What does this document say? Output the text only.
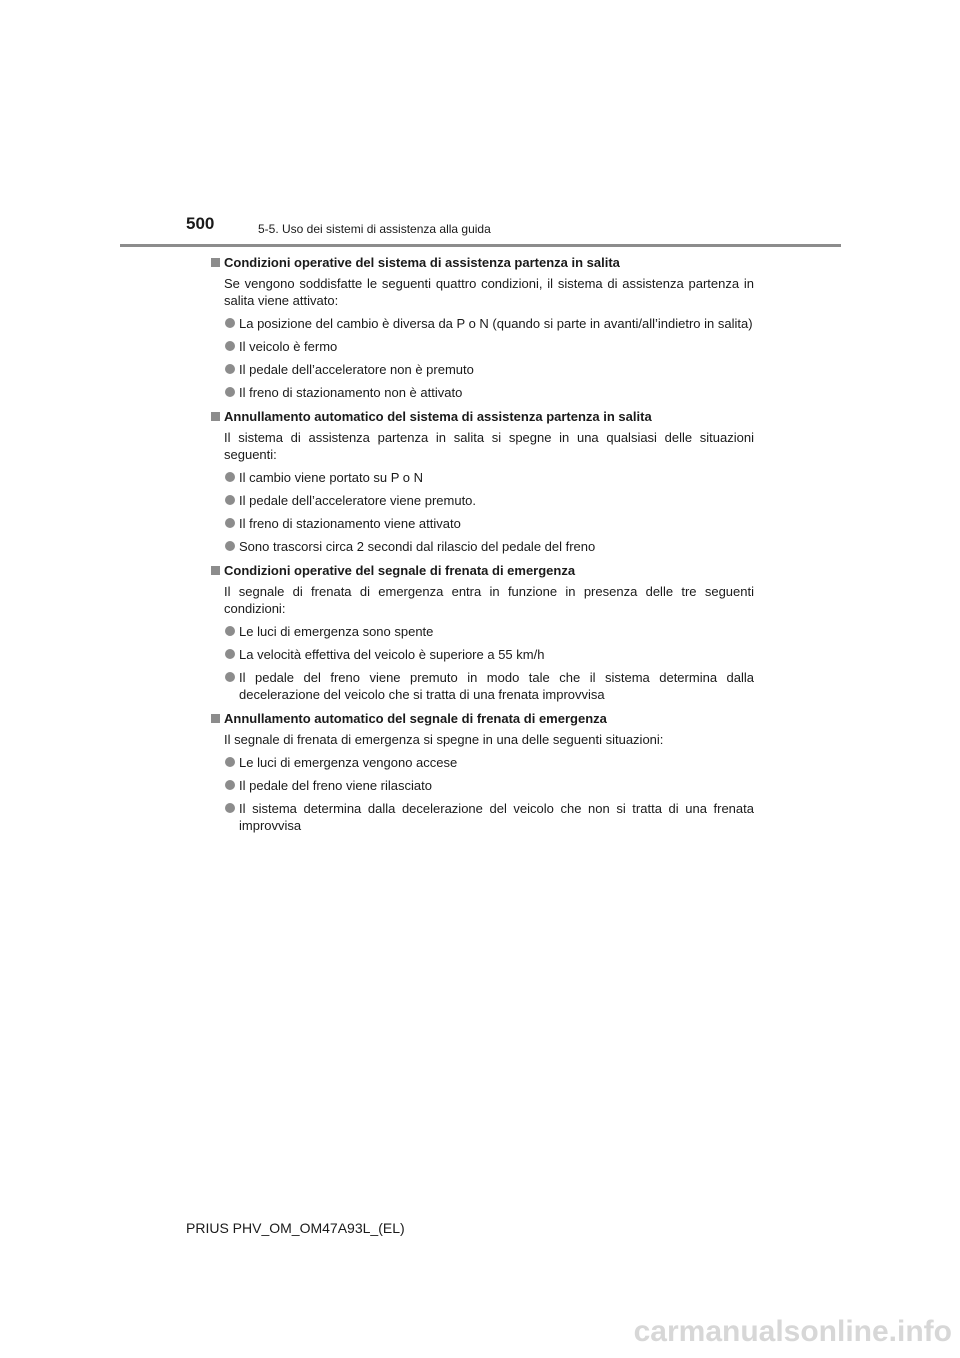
500	5-5. Uso dei sistemi di assistenza alla guida
Condizioni operative del sistema di assistenza partenza in salita
Se vengono soddisfatte le seguenti quattro condizioni, il sistema di assistenza partenza in salita viene attivato:
La posizione del cambio è diversa da P o N (quando si parte in avanti/all’indietro in salita)
Il veicolo è fermo
Il pedale dell’acceleratore non è premuto
Il freno di stazionamento non è attivato
Annullamento automatico del sistema di assistenza partenza in salita
Il sistema di assistenza partenza in salita si spegne in una qualsiasi delle situazioni seguenti:
Il cambio viene portato su P o N
Il pedale dell’acceleratore viene premuto.
Il freno di stazionamento viene attivato
Sono trascorsi circa 2 secondi dal rilascio del pedale del freno
Condizioni operative del segnale di frenata di emergenza
Il segnale di frenata di emergenza entra in funzione in presenza delle tre seguenti condizioni:
Le luci di emergenza sono spente
La velocità effettiva del veicolo è superiore a 55 km/h
Il pedale del freno viene premuto in modo tale che il sistema determina dalla decelerazione del veicolo che si tratta di una frenata improvvisa
Annullamento automatico del segnale di frenata di emergenza
Il segnale di frenata di emergenza si spegne in una delle seguenti situazioni:
Le luci di emergenza vengono accese
Il pedale del freno viene rilasciato
Il sistema determina dalla decelerazione del veicolo che non si tratta di una frenata improvvisa
PRIUS PHV_OM_OM47A93L_(EL)
carmanualsonline.info
